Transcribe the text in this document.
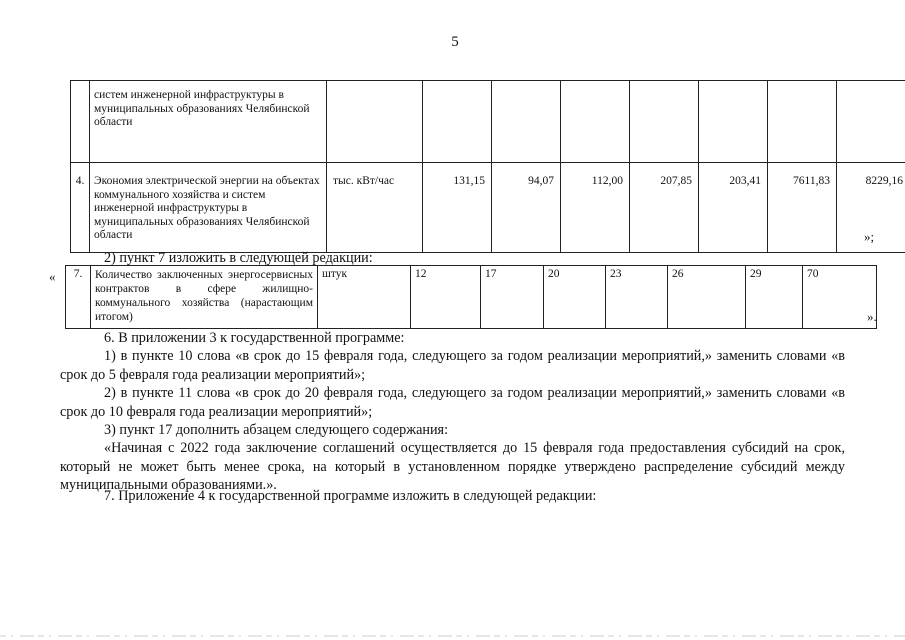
5
	систем инженерной инфраструктуры в муниципальных образованиях Челябинской области								
4.	Экономия электрической энергии на объектах коммунального хозяйства и систем инженерной инфраструктуры в муниципальных образованиях Челябинской области	тыс. кВт/час	131,15	94,07	112,00	207,85	203,41	7611,83	8229,16
»;
2) пункт 7 изложить в следующей редакции:
« 7.	Количество заключенных энергосервисных контрактов в сфере жилищно-коммунального хозяйства (нарастающим итогом)	штук	12	17	20	23	26	29	70
».
6. В приложении 3 к государственной программе:
1) в пункте 10 слова «в срок до 15 февраля года, следующего за годом реализации мероприятий,» заменить словами «в срок до 5 февраля года реализации мероприятий»;
2) в пункте 11 слова «в срок до 20 февраля года, следующего за годом реализации мероприятий,» заменить словами «в срок до 10 февраля года реализации мероприятий»;
3) пункт 17 дополнить абзацем следующего содержания:
«Начиная с 2022 года заключение соглашений осуществляется до 15 февраля года предоставления субсидий на срок, который не может быть менее срока, на который в установленном порядке утверждено распределение субсидий между муниципальными образованиями.».
7. Приложение 4 к государственной программе изложить в следующей редакции:
